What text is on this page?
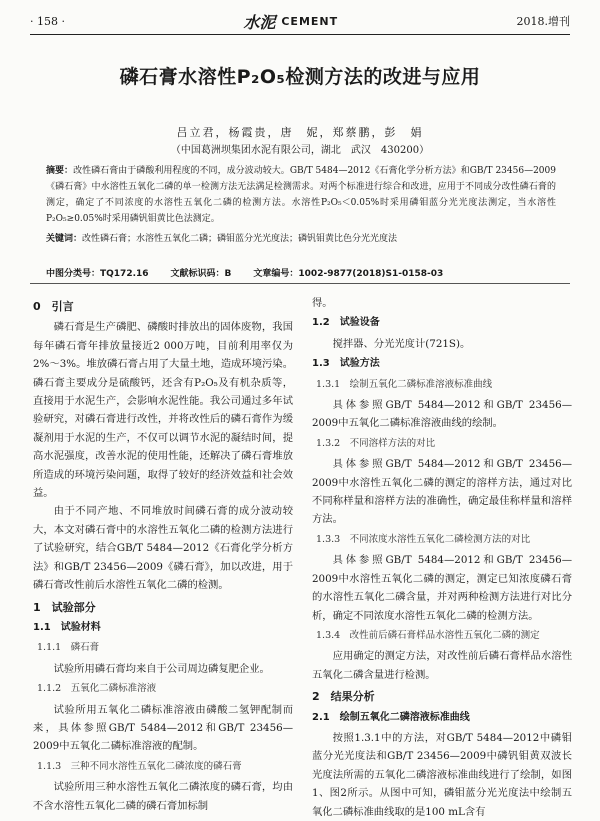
· 158 ·	水泥 CEMENT	2018.增刊
磷石膏水溶性P₂O₅检测方法的改进与应用
吕立君，杨霞贵，唐　妮，郑蔡鹏，彭　娟
（中国葛洲坝集团水泥有限公司，湖北　武汉　430200）
摘要：改性磷石膏由于磷酸利用程度的不同，成分波动较大。GB/T 5484—2012《石膏化学分析方法》和GB/T 23456—2009《磷石膏》中水溶性五氧化二磷的单一检测方法无法满足检测需求。对两个标准进行综合和改进，应用于不同成分改性磷石膏的测定，确定了不同浓度的水溶性五氧化二磷的检测方法。水溶性P₂O₅＜0.05%时采用磷钼蓝分光光度法测定，当水溶性P₂O₅≥0.05%时采用磷钒钼黄比色法测定。
关键词：改性磷石膏；水溶性五氧化二磷；磷钼蓝分光光度法；磷钒钼黄比色分光光度法
中图分类号：TQ172.16 文献标识码：B 文章编号：1002-9877(2018)S1-0158-03
0　引言

磷石膏是生产磷肥、磷酸时排放出的固体废物，我国每年磷石膏年排放量接近2 000万吨，目前利用率仅为2%～3%。堆放磷石膏占用了大量土地，造成环境污染。磷石膏主要成分是硫酸钙，还含有P₂O₅及有机杂质等，直接用于水泥生产，会影响水泥性能。我公司通过多年试验研究，对磷石膏进行改性，并将改性后的磷石膏作为缓凝剂用于水泥的生产，不仅可以调节水泥的凝结时间，提高水泥强度，改善水泥的使用性能，还解决了磷石膏堆放所造成的环境污染问题，取得了较好的经济效益和社会效益。

由于不同产地、不同堆放时间磷石膏的成分波动较大，本文对磷石膏中的水溶性五氧化二磷的检测方法进行了试验研究，结合GB/T 5484—2012《石膏化学分析方法》和GB/T 23456—2009《磷石膏》，加以改进，用于磷石膏改性前后水溶性五氧化二磷的检测。

1　试验部分
1.1　试验材料
1.1.1　磷石膏

试验所用磷石膏均来自于公司周边磷复肥企业。

1.1.2　五氧化二磷标准溶液

试验所用五氧化二磷标准溶液由磷酸二氢钾配制而来，具体参照GB/T 5484—2012和GB/T 23456—2009中五氧化二磷标准溶液的配制。

1.1.3　三种不同水溶性五氧化二磷浓度的磷石膏

试验所用三种水溶性五氧化二磷浓度的磷石膏，均由不含水溶性五氧化二磷的磷石膏加标制

得。

1.2　试验设备

搅拌器、分光光度计(721S)。

1.3　试验方法
1.3.1　绘制五氧化二磷标准溶液标准曲线

具体参照GB/T 5484—2012和GB/T 23456—2009中五氧化二磷标准溶液曲线的绘制。

1.3.2　不同溶样方法的对比

具体参照GB/T 5484—2012和GB/T 23456—2009中水溶性五氧化二磷的测定的溶样方法，通过对比不同称样量和溶样方法的准确性，确定最佳称样量和溶样方法。

1.3.3　不同浓度水溶性五氧化二磷检测方法的对比

具体参照GB/T 5484—2012和GB/T 23456—2009中水溶性五氧化二磷的测定，测定已知浓度磷石膏的水溶性五氧化二磷含量，并对两种检测方法进行对比分析，确定不同浓度水溶性五氧化二磷的检测方法。

1.3.4　改性前后磷石膏样品水溶性五氧化二磷的测定

应用确定的测定方法，对改性前后磷石膏样品水溶性五氧化二磷含量进行检测。

2　结果分析
2.1　绘制五氧化二磷溶液标准曲线

按照1.3.1中的方法，对GB/T 5484—2012中磷钼蓝分光光度法和GB/T 23456—2009中磷钒钼黄双波长光度法所需的五氧化二磷溶液标准曲线进行了绘制，如图1、图2所示。从图中可知，磷钼蓝分光光度法中绘制五氧化二磷标准曲线取的是100 mL含有
